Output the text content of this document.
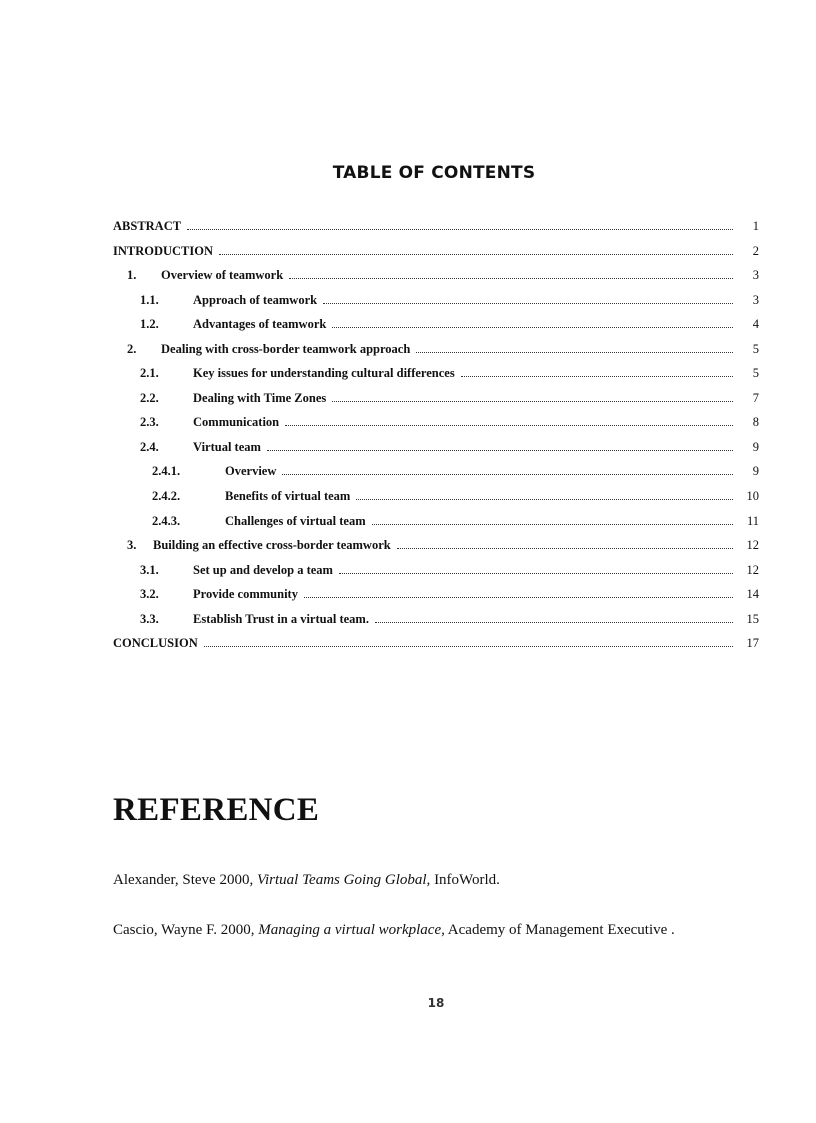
TABLE OF CONTENTS
ABSTRACT	1
INTRODUCTION	2
1.	Overview of teamwork	3
1.1.	Approach of teamwork	3
1.2.	Advantages of teamwork	4
2.	Dealing with cross-border teamwork approach	5
2.1.	Key issues for understanding cultural differences	5
2.2.	Dealing with Time Zones	7
2.3.	Communication	8
2.4.	Virtual team	9
2.4.1.	Overview	9
2.4.2.	Benefits of virtual team	10
2.4.3.	Challenges of virtual team	11
3.	Building an effective cross-border teamwork	12
3.1.	Set up and develop a team	12
3.2.	Provide community	14
3.3.	Establish Trust in a virtual team.	15
CONCLUSION	17
REFERENCE
Alexander, Steve 2000, Virtual Teams Going Global, InfoWorld.
Cascio, Wayne F. 2000, Managing a virtual workplace, Academy of Management Executive .
18
